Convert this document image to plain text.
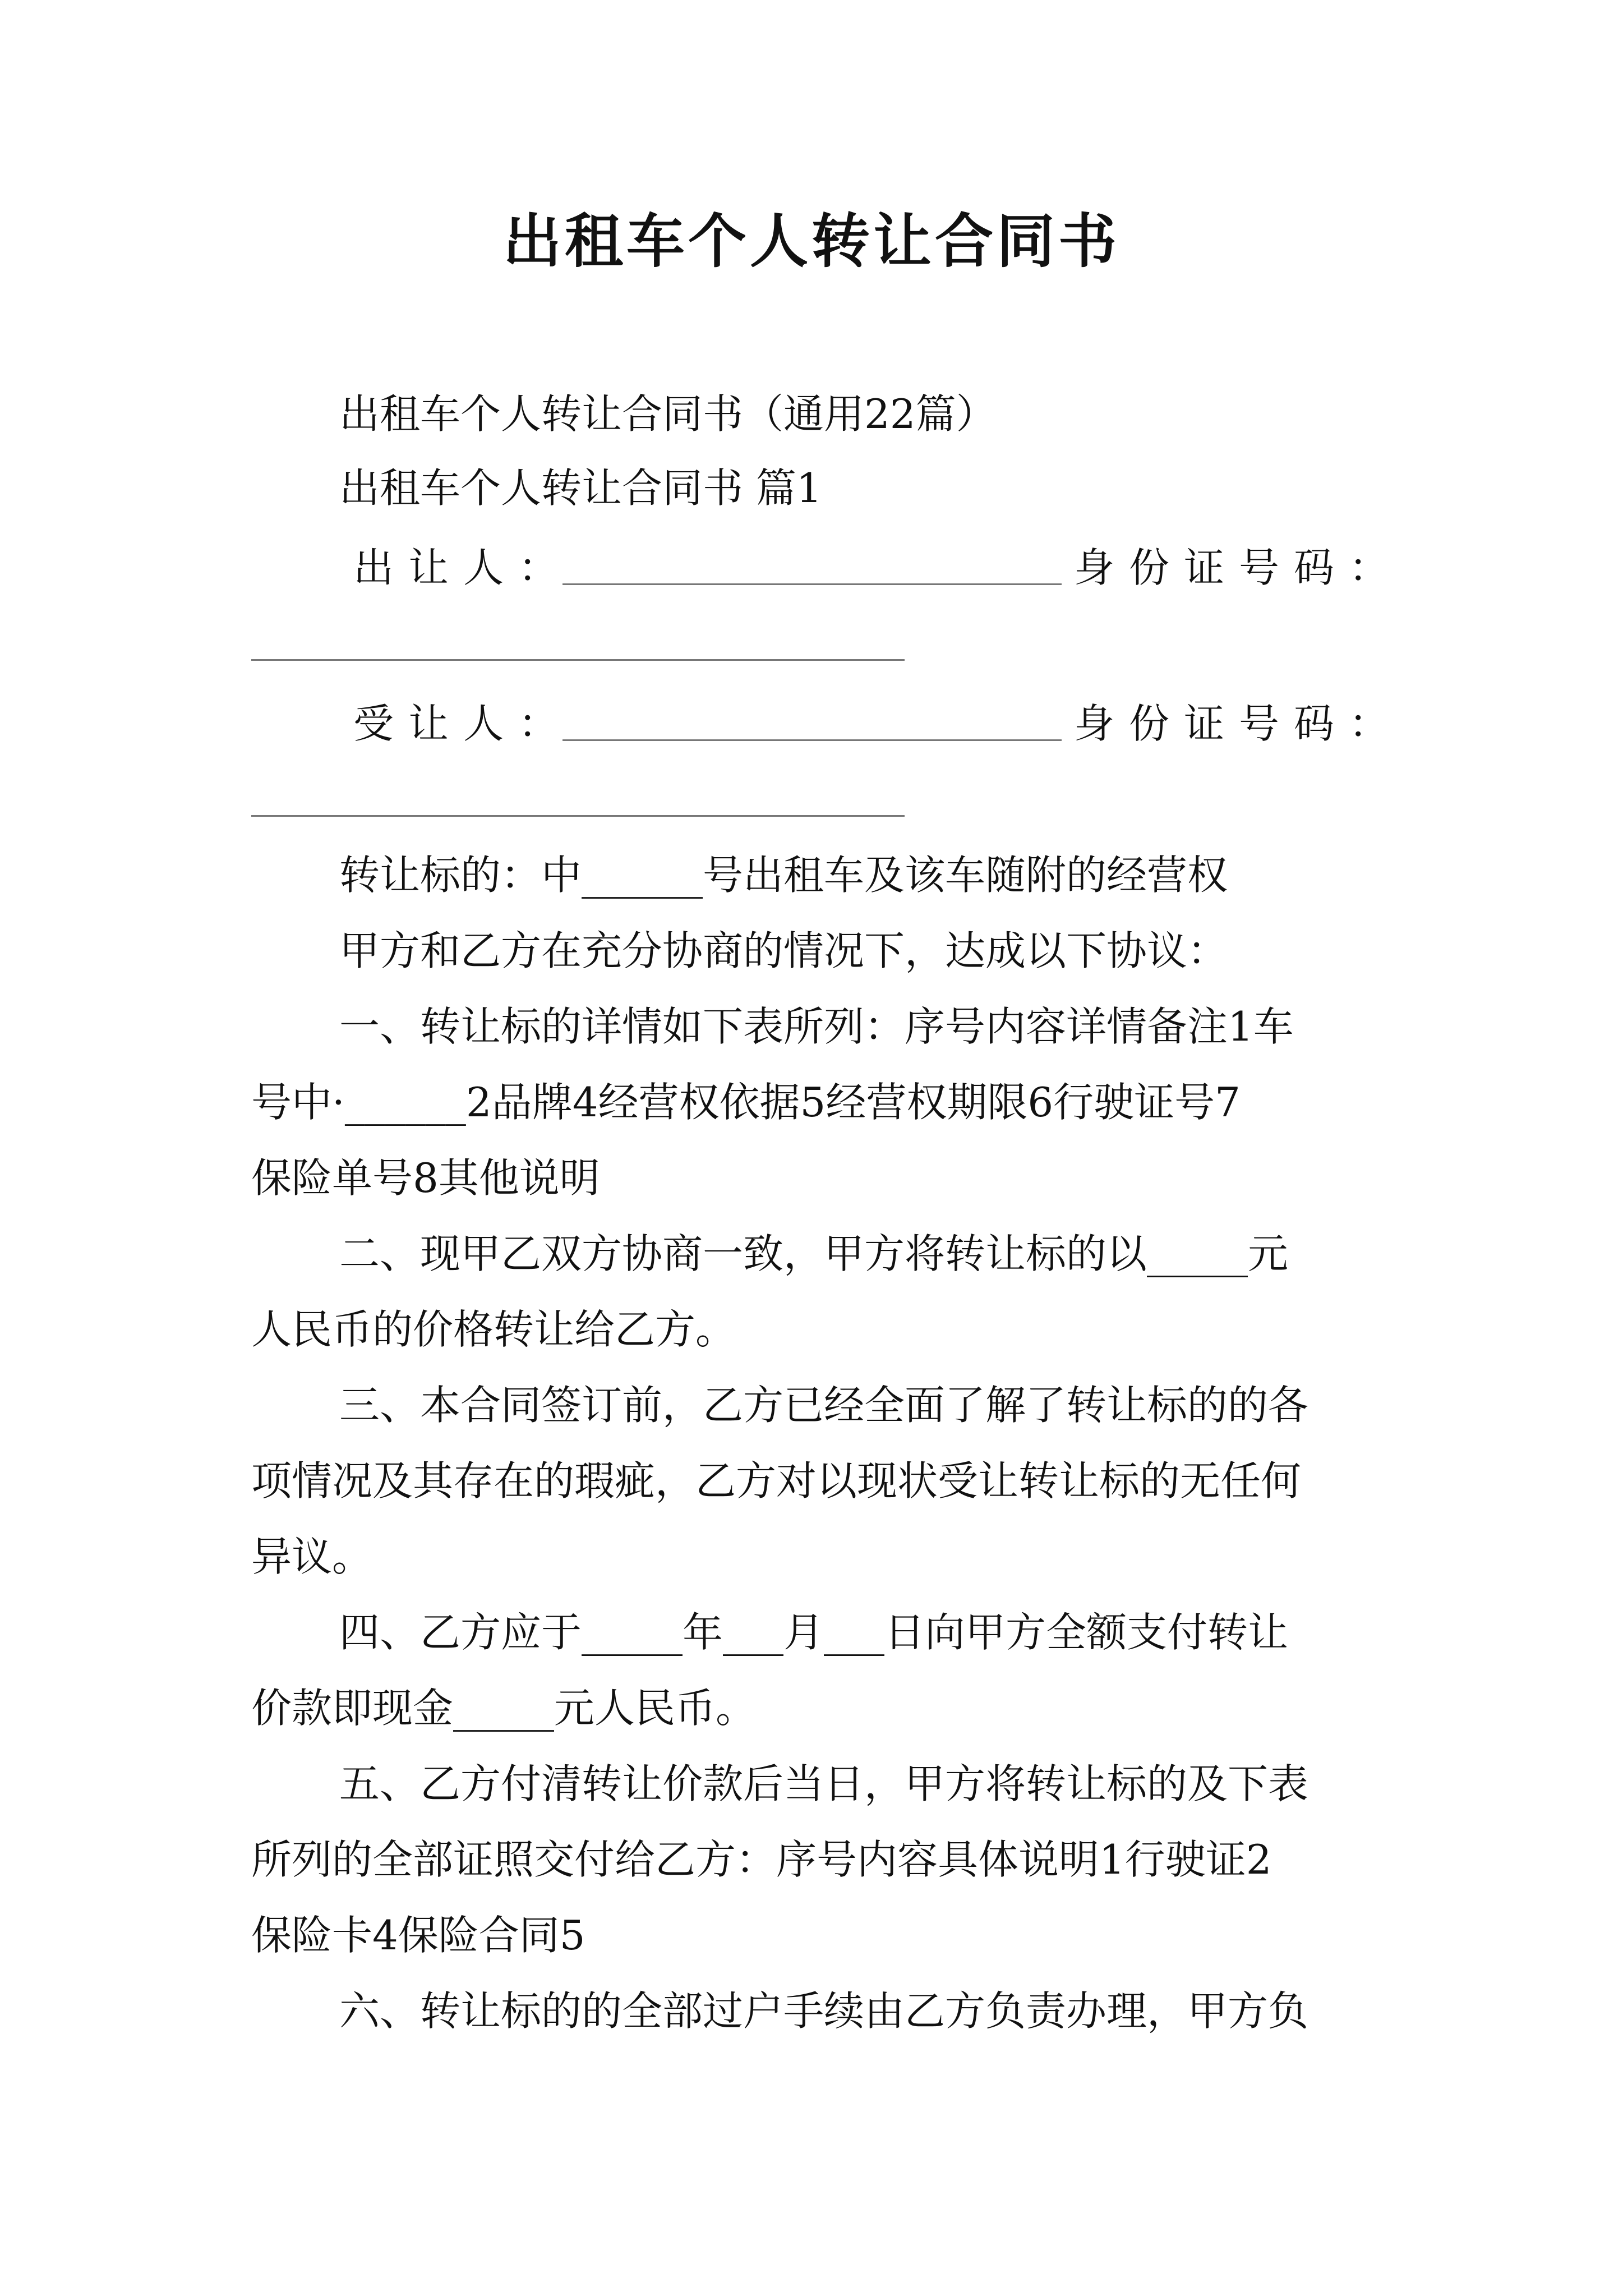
出租车个人转让合同书
出租车个人转让合同书（通用22篇）
出租车个人转让合同书 篇1
出让人：	身份证号码：
受让人：	身份证号码：
转让标的：中______号出租车及该车随附的经营权
甲方和乙方在充分协商的情况下，达成以下协议：
一、转让标的详情如下表所列：序号内容详情备注1车
号中·______2品牌4经营权依据5经营权期限6行驶证号7
保险单号8其他说明
二、现甲乙双方协商一致，甲方将转让标的以_____元
人民币的价格转让给乙方。
三、本合同签订前，乙方已经全面了解了转让标的的各
项情况及其存在的瑕疵，乙方对以现状受让转让标的无任何
异议。
四、乙方应于_____年___月___日向甲方全额支付转让
价款即现金_____元人民币。
五、乙方付清转让价款后当日，甲方将转让标的及下表
所列的全部证照交付给乙方：序号内容具体说明1行驶证2
保险卡4保险合同5
六、转让标的的全部过户手续由乙方负责办理，甲方负
